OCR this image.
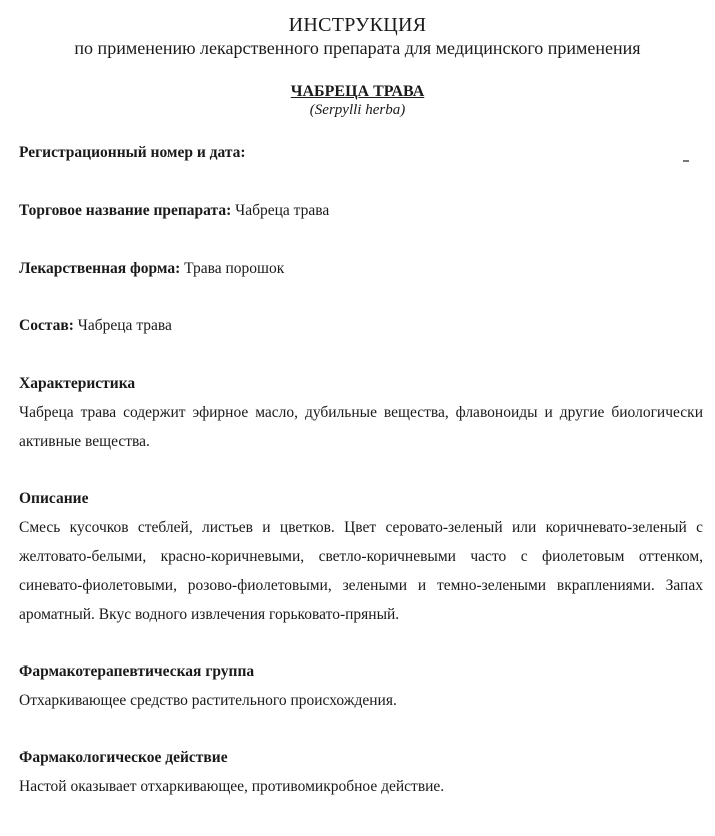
ИНСТРУКЦИЯ
по применению лекарственного препарата для медицинского применения
ЧАБРЕЦА ТРАВА
(Serpylli herba)
Регистрационный номер и дата:
Торговое название препарата: Чабреца трава
Лекарственная форма: Трава порошок
Состав: Чабреца трава
Характеристика
Чабреца трава содержит эфирное масло, дубильные вещества, флавоноиды и другие биологически активные вещества.
Описание
Смесь кусочков стеблей, листьев и цветков. Цвет серовато-зеленый или коричневато-зеленый с желтовато-белыми, красно-коричневыми, светло-коричневыми часто с фиолетовым оттенком, синевато-фиолетовыми, розово-фиолетовыми, зелеными и темно-зелеными вкраплениями. Запах ароматный. Вкус водного извлечения горьковато-пряный.
Фармакотерапевтическая группа
Отхаркивающее средство растительного происхождения.
Фармакологическое действие
Настой оказывает отхаркивающее, противомикробное действие.
